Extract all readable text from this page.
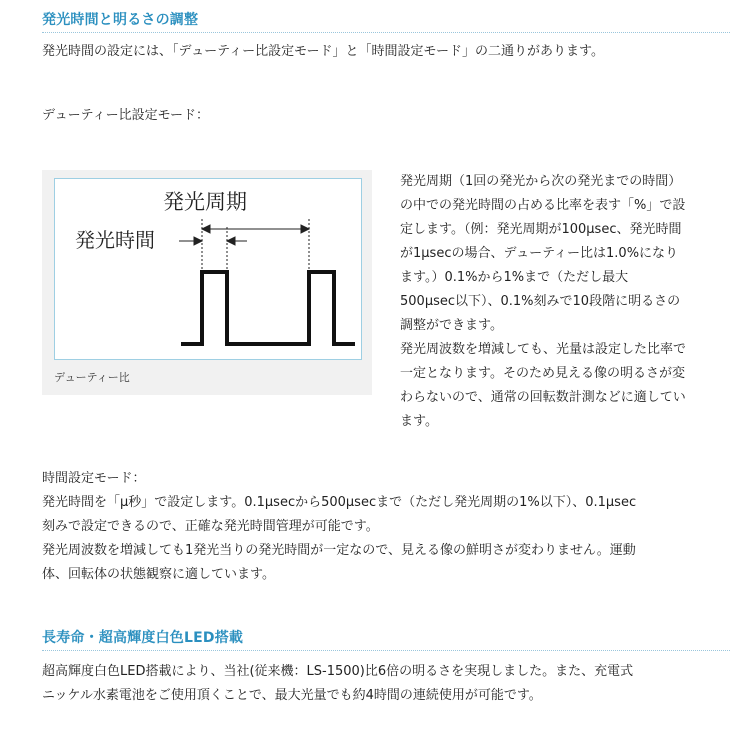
発光時間と明るさの調整

発光時間の設定には、「デューティー比設定モード」と「時間設定モード」の二通りがあります。

デューティー比設定モード：

発光周期
発光時間
デューティー比
発光周期（1回の発光から次の発光までの時間）
の中での発光時間の占める比率を表す「%」で設
定します。（例：発光周期が100μsec、発光時間
が1μsecの場合、デューティー比は1.0%になり
ます。）0.1%から1%まで（ただし最大
500μsec以下）、0.1%刻みで10段階に明るさの
調整ができます。
発光周波数を増減しても、光量は設定した比率で
一定となります。そのため見える像の明るさが変
わらないので、通常の回転数計測などに適してい
ます。
時間設定モード：
発光時間を「μ秒」で設定します。0.1μsecから500μsecまで（ただし発光周期の1%以下）、0.1μsec
刻みで設定できるので、正確な発光時間管理が可能です。
発光周波数を増減しても1発光当りの発光時間が一定なので、見える像の鮮明さが変わりません。運動
体、回転体の状態観察に適しています。
長寿命・超高輝度白色LED搭載
超高輝度白色LED搭載により、当社(従来機：LS-1500)比6倍の明るさを実現しました。また、充電式
ニッケル水素電池をご使用頂くことで、最大光量でも約4時間の連続使用が可能です。
